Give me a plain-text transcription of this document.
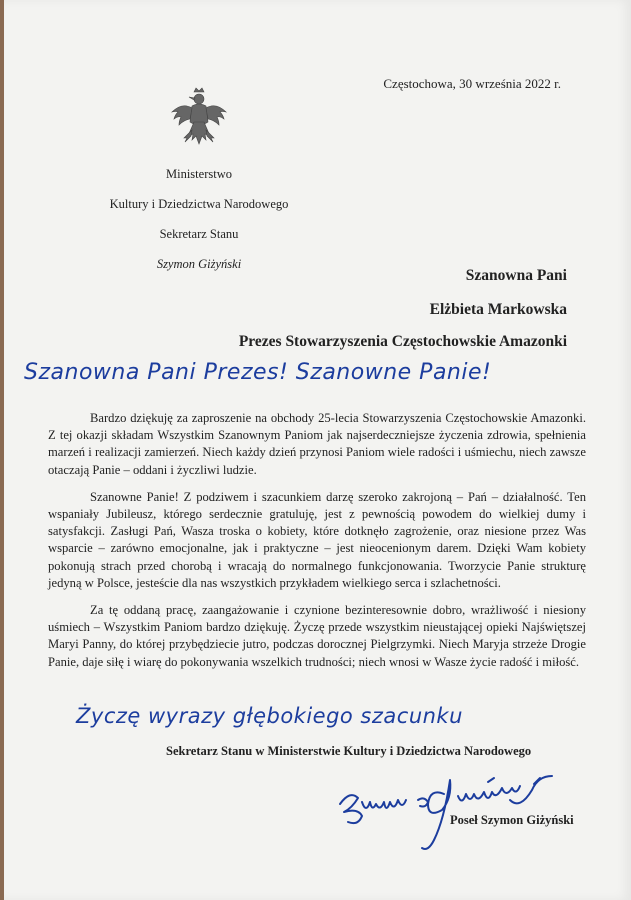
Częstochowa, 30 września 2022 r.
Ministerstwo
Kultury i Dziedzictwa Narodowego
Sekretarz Stanu
Szymon Giżyński
Szanowna Pani
Elżbieta Markowska
Prezes Stowarzyszenia Częstochowskie Amazonki
Szanowna Pani Prezes! Szanowne Panie!

Bardzo dziękuję za zaproszenie na obchody 25-lecia Stowarzyszenia Częstochowskie Amazonki. Z tej okazji składam Wszystkim Szanownym Paniom jak najserdeczniejsze życzenia zdrowia, spełnienia marzeń i realizacji zamierzeń. Niech każdy dzień przynosi Paniom wiele radości i uśmiechu, niech zawsze otaczają Panie – oddani i życzliwi ludzie.

Szanowne Panie! Z podziwem i szacunkiem darzę szeroko zakrojoną – Pań – działalność. Ten wspaniały Jubileusz, którego serdecznie gratuluję, jest z pewnością powodem do wielkiej dumy i satysfakcji. Zasługi Pań, Wasza troska o kobiety, które dotknęło zagrożenie, oraz niesione przez Was wsparcie – zarówno emocjonalne, jak i praktyczne – jest nieocenionym darem. Dzięki Wam kobiety pokonują strach przed chorobą i wracają do normalnego funkcjonowania. Tworzycie Panie strukturę jedyną w Polsce, jesteście dla nas wszystkich przykładem wielkiego serca i szlachetności.

Za tę oddaną pracę, zaangażowanie i czynione bezinteresownie dobro, wrażliwość i niesiony uśmiech – Wszystkim Paniom bardzo dziękuję. Życzę przede wszystkim nieustającej opieki Najświętszej Maryi Panny, do której przybędziecie jutro, podczas dorocznej Pielgrzymki. Niech Maryja strzeże Drogie Panie, daje siłę i wiarę do pokonywania wszelkich trudności; niech wnosi w Wasze życie radość i miłość.

Życzę wyrazy głębokiego szacunku
Sekretarz Stanu w Ministerstwie Kultury i Dziedzictwa Narodowego
Poseł Szymon Giżyński
